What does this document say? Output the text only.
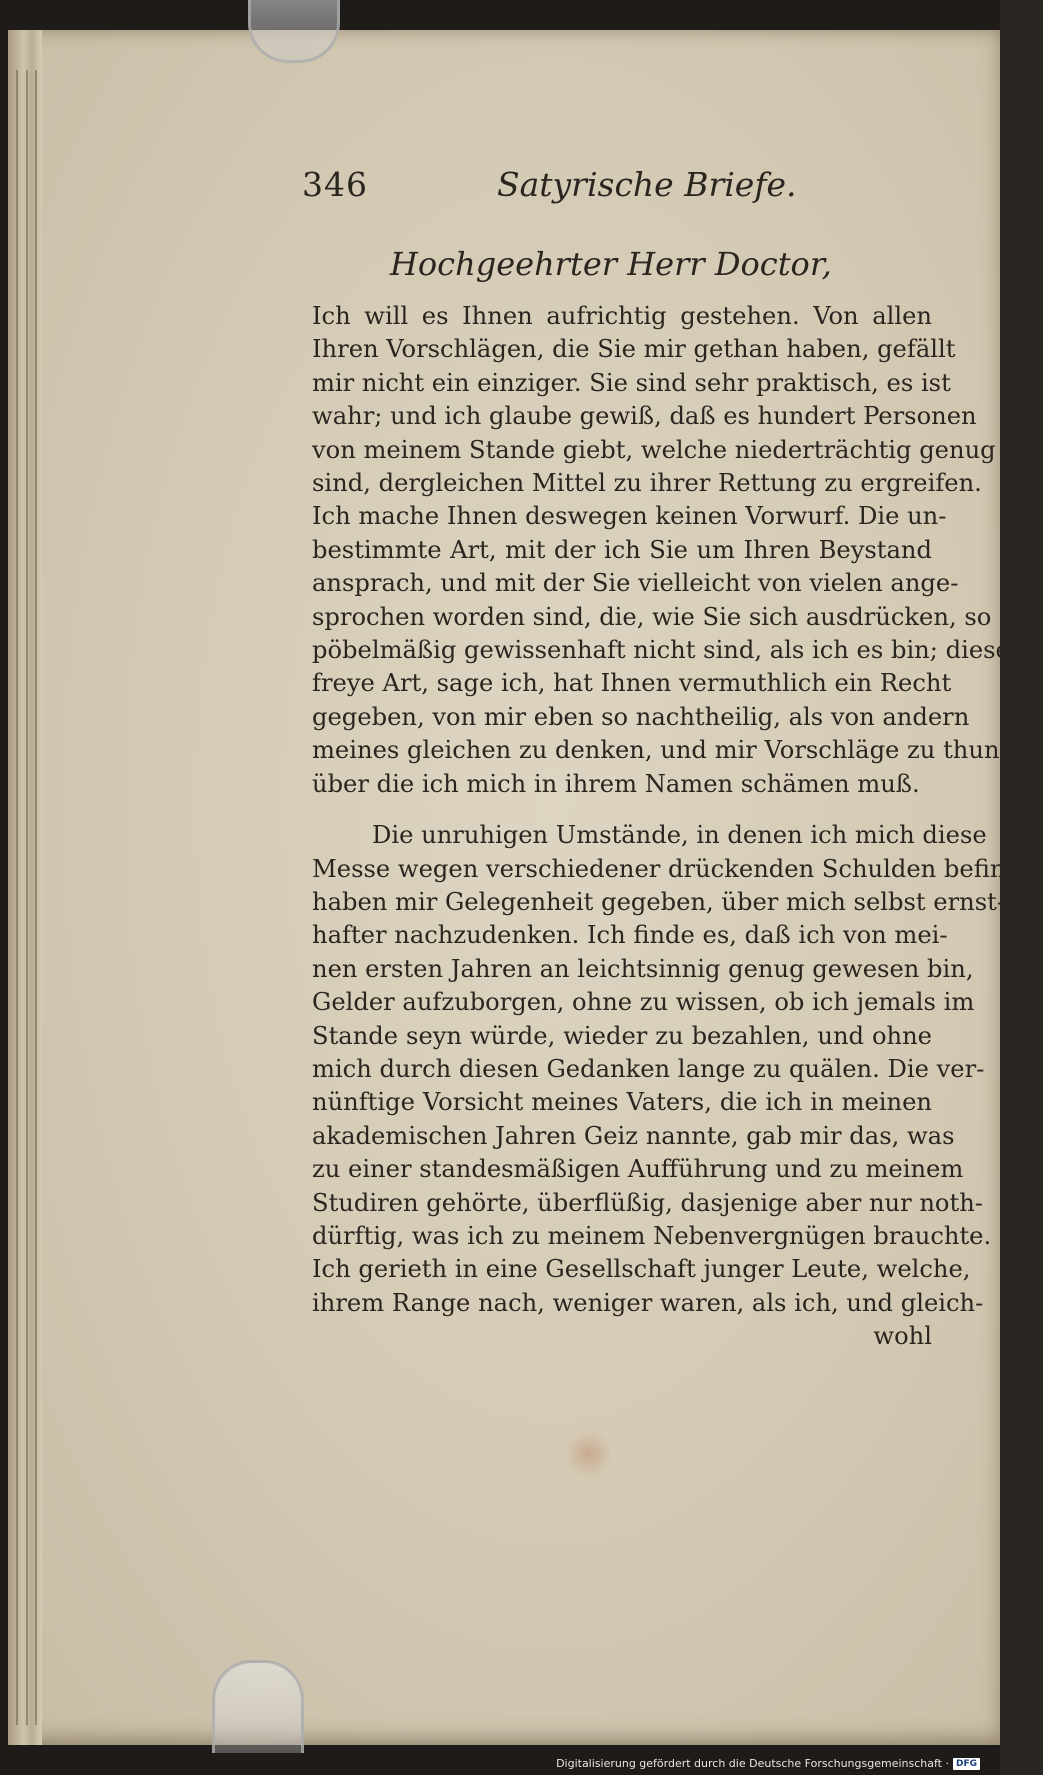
346	Satyrische Briefe.
Hochgeehrter Herr Doctor,
Ich will es Ihnen aufrichtig gestehen. Von allen
Ihren Vorschlägen, die Sie mir gethan haben, gefällt
mir nicht ein einziger. Sie sind sehr praktisch, es ist
wahr; und ich glaube gewiß, daß es hundert Personen
von meinem Stande giebt, welche niederträchtig genug
sind, dergleichen Mittel zu ihrer Rettung zu ergreifen.
Ich mache Ihnen deswegen keinen Vorwurf. Die un-
bestimmte Art, mit der ich Sie um Ihren Beystand
ansprach, und mit der Sie vielleicht von vielen ange-
sprochen worden sind, die, wie Sie sich ausdrücken, so
pöbelmäßig gewissenhaft nicht sind, als ich es bin; diese
freye Art, sage ich, hat Ihnen vermuthlich ein Recht
gegeben, von mir eben so nachtheilig, als von andern
meines gleichen zu denken, und mir Vorschläge zu thun,
über die ich mich in ihrem Namen schämen muß.
Die unruhigen Umstände, in denen ich mich diese
Messe wegen verschiedener drückenden Schulden befinde,
haben mir Gelegenheit gegeben, über mich selbst ernst-
hafter nachzudenken. Ich finde es, daß ich von mei-
nen ersten Jahren an leichtsinnig genug gewesen bin,
Gelder aufzuborgen, ohne zu wissen, ob ich jemals im
Stande seyn würde, wieder zu bezahlen, und ohne
mich durch diesen Gedanken lange zu quälen. Die ver-
nünftige Vorsicht meines Vaters, die ich in meinen
akademischen Jahren Geiz nannte, gab mir das, was
zu einer standesmäßigen Aufführung und zu meinem
Studiren gehörte, überflüßig, dasjenige aber nur noth-
dürftig, was ich zu meinem Nebenvergnügen brauchte.
Ich gerieth in eine Gesellschaft junger Leute, welche,
ihrem Range nach, weniger waren, als ich, und gleich-
wohl
Digitalisierung gefördert durch die Deutsche Forschungsgemeinschaft · DFG
